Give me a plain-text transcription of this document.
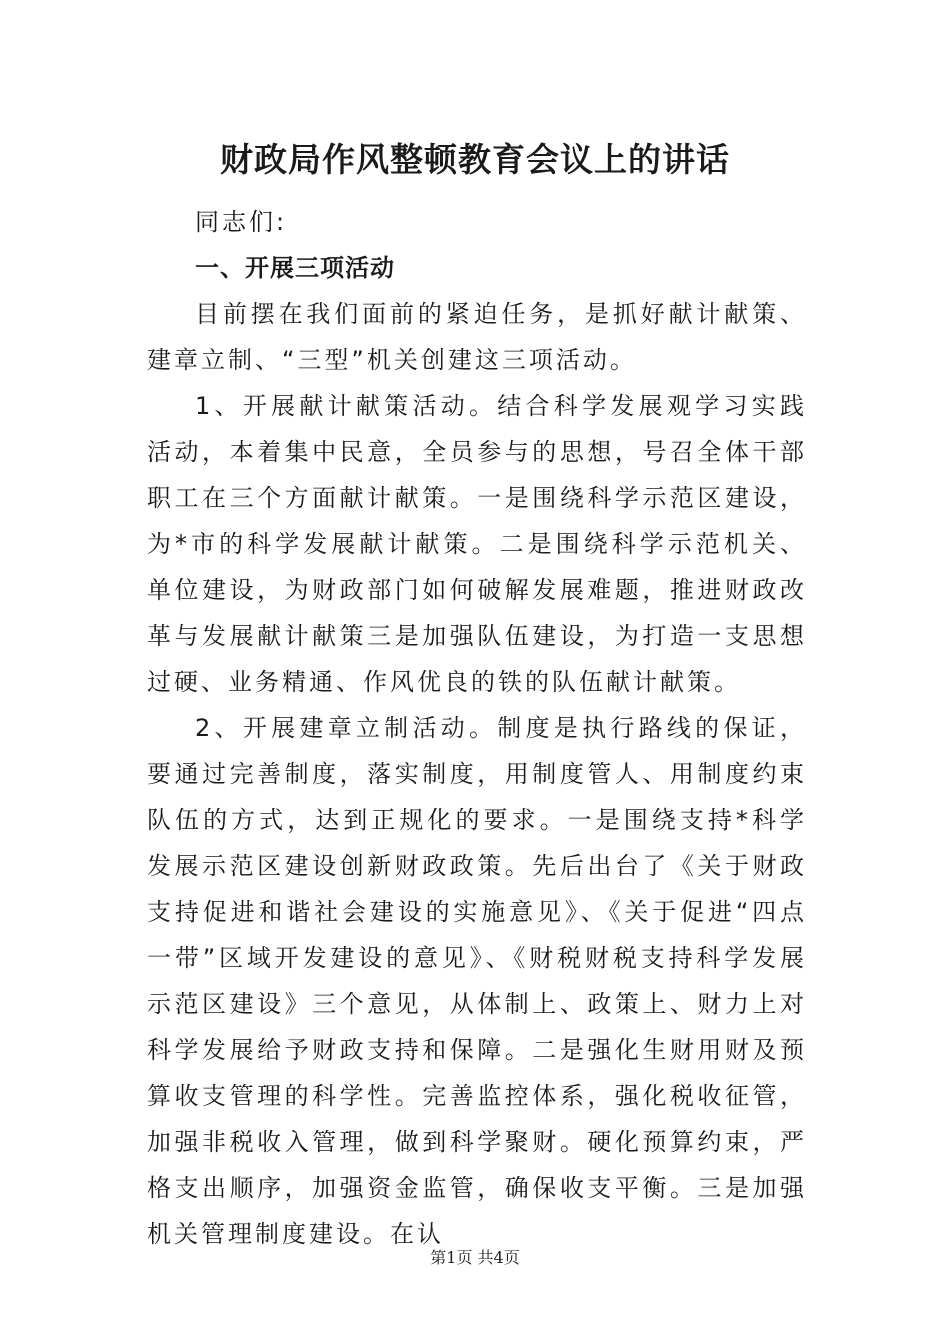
财政局作风整顿教育会议上的讲话

同志们:

一、开展三项活动

目前摆在我们面前的紧迫任务，是抓好献计献策、建章立制、“三型”机关创建这三项活动。

1、开展献计献策活动。结合科学发展观学习实践活动，本着集中民意，全员参与的思想，号召全体干部职工在三个方面献计献策。一是围绕科学示范区建设，为*市的科学发展献计献策。二是围绕科学示范机关、单位建设，为财政部门如何破解发展难题，推进财政改革与发展献计献策三是加强队伍建设，为打造一支思想过硬、业务精通、作风优良的铁的队伍献计献策。

2、开展建章立制活动。制度是执行路线的保证，要通过完善制度，落实制度，用制度管人、用制度约束队伍的方式，达到正规化的要求。一是围绕支持*科学发展示范区建设创新财政政策。先后出台了《关于财政支持促进和谐社会建设的实施意见》、《关于促进“四点一带”区域开发建设的意见》、《财税财税支持科学发展示范区建设》三个意见，从体制上、政策上、财力上对科学发展给予财政支持和保障。二是强化生财用财及预算收支管理的科学性。完善监控体系，强化税收征管，加强非税收入管理，做到科学聚财。硬化预算约束，严格支出顺序，加强资金监管，确保收支平衡。三是加强机关管理制度建设。在认

第1页 共4页
